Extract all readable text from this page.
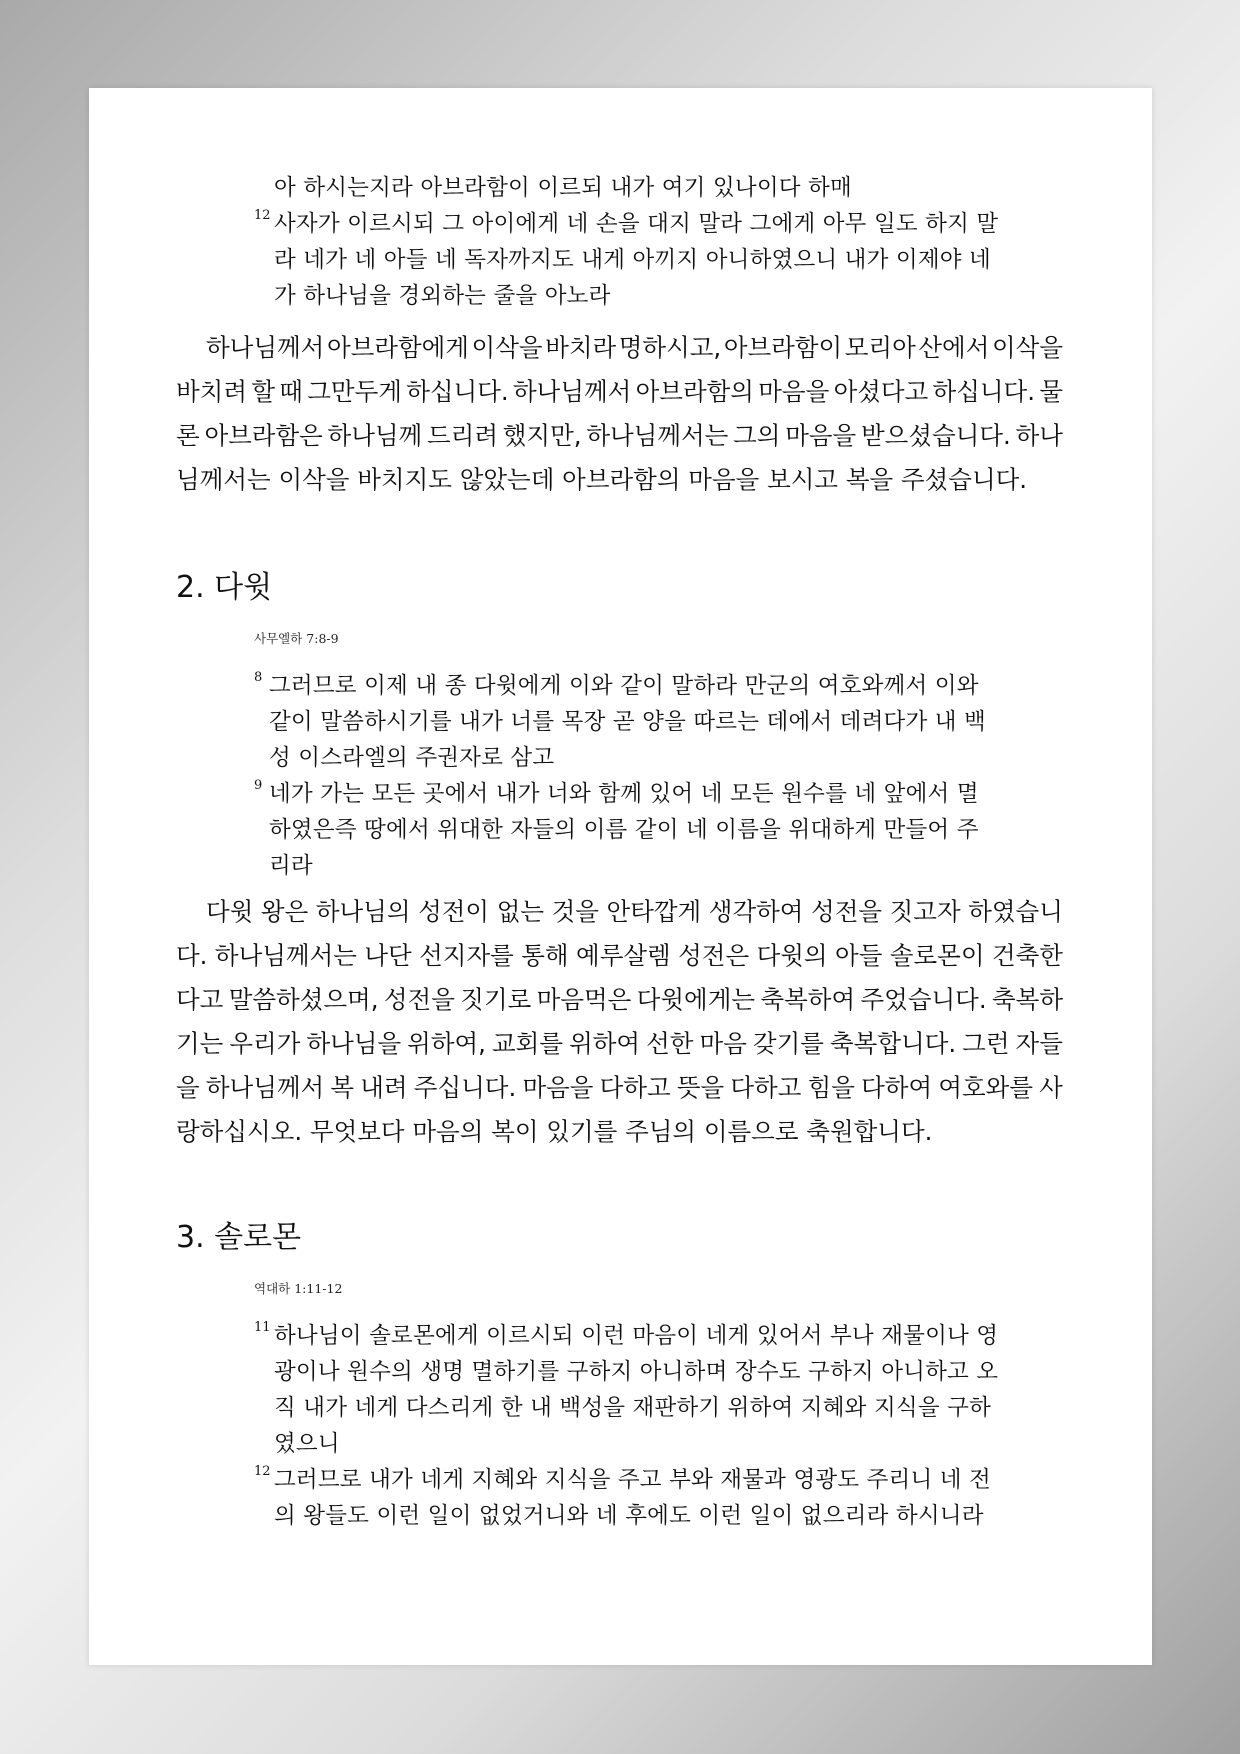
아 하시는지라 아브라함이 이르되 내가 여기 있나이다 하매
12 사자가 이르시되 그 아이에게 네 손을 대지 말라 그에게 아무 일도 하지 말
라 네가 네 아들 네 독자까지도 내게 아끼지 아니하였으니 내가 이제야 네
가 하나님을 경외하는 줄을 아노라
하나님께서 아브라함에게 이삭을 바치라 명하시고, 아브라함이 모리아 산에서 이삭을
바치려 할 때 그만두게 하십니다. 하나님께서 아브라함의 마음을 아셨다고 하십니다. 물
론 아브라함은 하나님께 드리려 했지만, 하나님께서는 그의 마음을 받으셨습니다. 하나
님께서는 이삭을 바치지도 않았는데 아브라함의 마음을 보시고 복을 주셨습니다.
2. 다윗
사무엘하 7:8-9
8 그러므로 이제 내 종 다윗에게 이와 같이 말하라 만군의 여호와께서 이와
같이 말씀하시기를 내가 너를 목장 곧 양을 따르는 데에서 데려다가 내 백
성 이스라엘의 주권자로 삼고
9 네가 가는 모든 곳에서 내가 너와 함께 있어 네 모든 원수를 네 앞에서 멸
하였은즉 땅에서 위대한 자들의 이름 같이 네 이름을 위대하게 만들어 주
리라
다윗 왕은 하나님의 성전이 없는 것을 안타깝게 생각하여 성전을 짓고자 하였습니
다. 하나님께서는 나단 선지자를 통해 예루살렘 성전은 다윗의 아들 솔로몬이 건축한
다고 말씀하셨으며, 성전을 짓기로 마음먹은 다윗에게는 축복하여 주었습니다. 축복하
기는 우리가 하나님을 위하여, 교회를 위하여 선한 마음 갖기를 축복합니다. 그런 자들
을 하나님께서 복 내려 주십니다. 마음을 다하고 뜻을 다하고 힘을 다하여 여호와를 사
랑하십시오. 무엇보다 마음의 복이 있기를 주님의 이름으로 축원합니다.
3. 솔로몬
역대하 1:11-12
11 하나님이 솔로몬에게 이르시되 이런 마음이 네게 있어서 부나 재물이나 영
광이나 원수의 생명 멸하기를 구하지 아니하며 장수도 구하지 아니하고 오
직 내가 네게 다스리게 한 내 백성을 재판하기 위하여 지혜와 지식을 구하
였으니
12 그러므로 내가 네게 지혜와 지식을 주고 부와 재물과 영광도 주리니 네 전
의 왕들도 이런 일이 없었거니와 네 후에도 이런 일이 없으리라 하시니라
